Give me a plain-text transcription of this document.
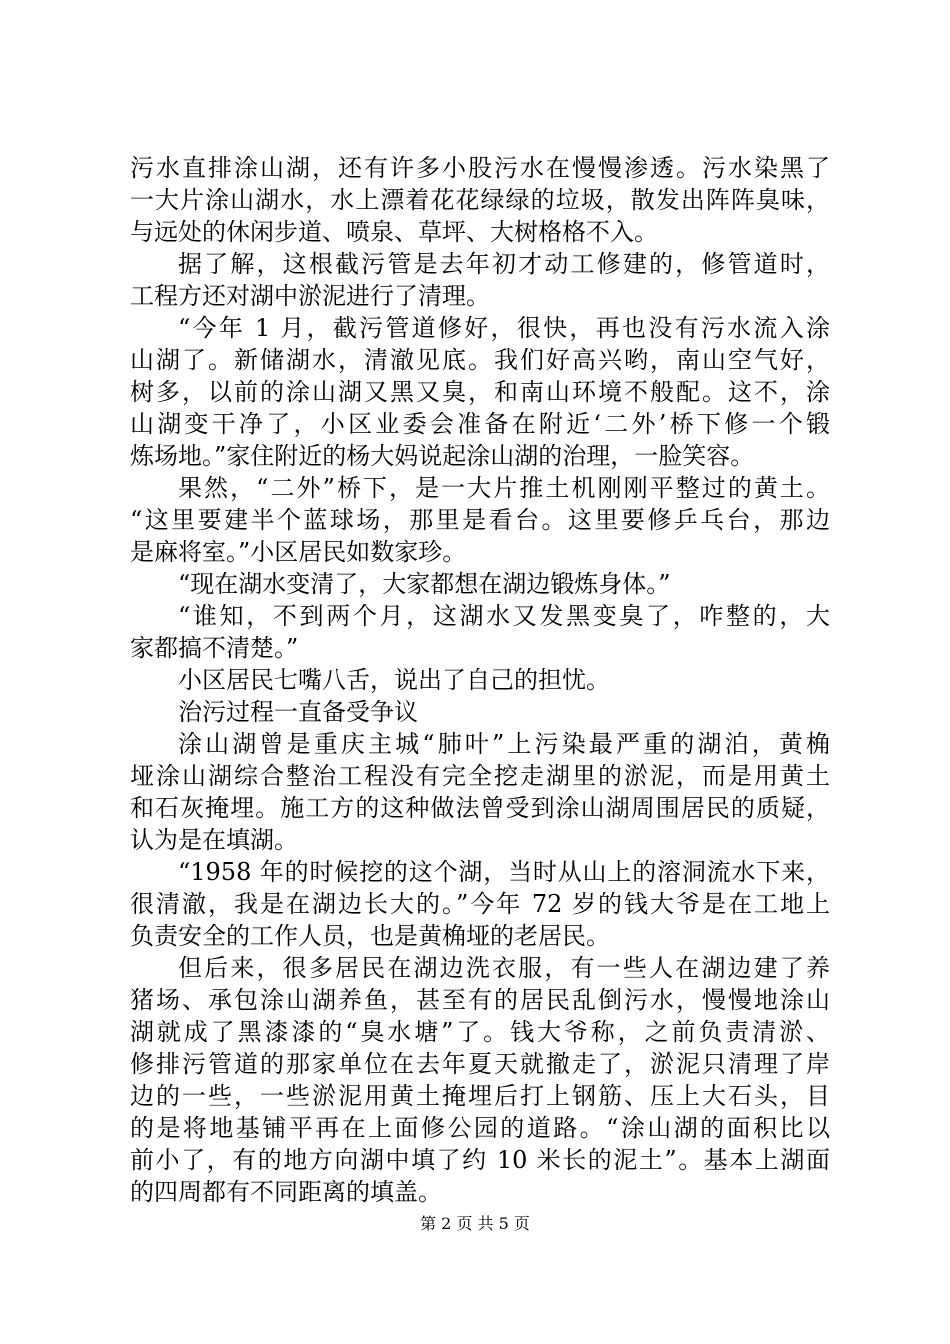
污水直排涂山湖，还有许多小股污水在慢慢渗透。污水染黑了
一大片涂山湖水，水上漂着花花绿绿的垃圾，散发出阵阵臭味，
与远处的休闲步道、喷泉、草坪、大树格格不入。
据了解，这根截污管是去年初才动工修建的，修管道时，
工程方还对湖中淤泥进行了清理。
“今年 1 月，截污管道修好，很快，再也没有污水流入涂
山湖了。新储湖水，清澈见底。我们好高兴哟，南山空气好，
树多，以前的涂山湖又黑又臭，和南山环境不般配。这不，涂
山湖变干净了，小区业委会准备在附近‘二外’桥下修一个锻
炼场地。”家住附近的杨大妈说起涂山湖的治理，一脸笑容。
果然，“二外”桥下，是一大片推土机刚刚平整过的黄土。
“这里要建半个蓝球场，那里是看台。这里要修乒乓台，那边
是麻将室。”小区居民如数家珍。
“现在湖水变清了，大家都想在湖边锻炼身体。”
“谁知，不到两个月，这湖水又发黑变臭了，咋整的，大
家都搞不清楚。”
小区居民七嘴八舌，说出了自己的担忧。
治污过程一直备受争议
涂山湖曾是重庆主城“肺叶”上污染最严重的湖泊，黄桷
垭涂山湖综合整治工程没有完全挖走湖里的淤泥，而是用黄土
和石灰掩埋。施工方的这种做法曾受到涂山湖周围居民的质疑，
认为是在填湖。
“1958 年的时候挖的这个湖，当时从山上的溶洞流水下来，
很清澈，我是在湖边长大的。”今年 72 岁的钱大爷是在工地上
负责安全的工作人员，也是黄桷垭的老居民。
但后来，很多居民在湖边洗衣服，有一些人在湖边建了养
猪场、承包涂山湖养鱼，甚至有的居民乱倒污水，慢慢地涂山
湖就成了黑漆漆的“臭水塘”了。钱大爷称，之前负责清淤、
修排污管道的那家单位在去年夏天就撤走了，淤泥只清理了岸
边的一些，一些淤泥用黄土掩埋后打上钢筋、压上大石头，目
的是将地基铺平再在上面修公园的道路。“涂山湖的面积比以
前小了，有的地方向湖中填了约 10 米长的泥土”。基本上湖面
的四周都有不同距离的填盖。
第 2 页 共 5 页
